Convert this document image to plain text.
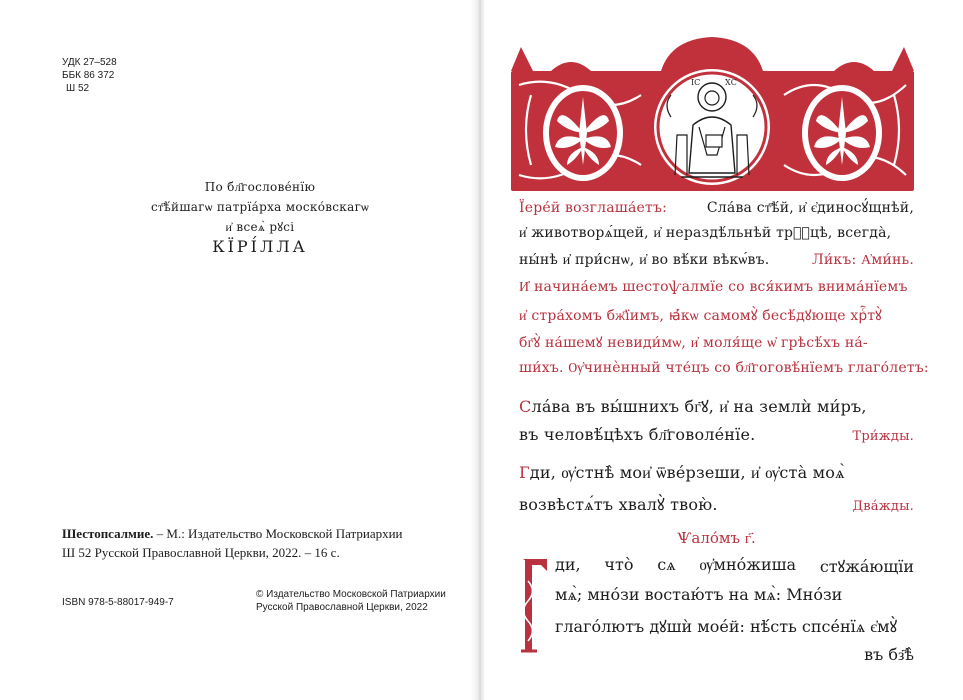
УДК 27–528
ББК 86 372
Ш 52
По бл҃гослове́нїю
ст҃ѣ́йшагѡ патрїа́рха моско́вскагѡ
и҆ всеѧ̀ рꙋсі
КЇРІ́ЛЛА
Шестопсалмие. – М.: Издательство Московской Патриархии
Ш 52 Русской Православной Церкви, 2022. – 16 с.
ISBN 978-5-88017-949-7
© Издательство Московской Патриархии
Русской Православной Церкви, 2022
ІС	ХС
Їере́й возглаша́етъ:	Сла́ва ст҃ѣ́й, и҆ є҆диносꙋ́щнѣй,
и҆ животворѧ́щей, и҆ нераздѣ́льнѣй трⷪ҇цѣ, всегда̀,
ны́нѣ и҆ при́снѡ, и҆ во вѣ́ки вѣкѡ́въ.	Ли́къ: А҆ми́нь.
И҆ начина́емъ шестоѱалмїе со вся́кимъ внима́нїемъ
и҆ стра́хомъ бж҃їимъ, ꙗ҆́кѡ самомꙋ̀ бесѣ́дꙋюще хрⷭ҇тꙋ̀
бг҃ꙋ̀ на́шемꙋ невиди́мѡ, и҆ моля́ще ѡ҆ грѣсѣ́хъ на́-
ши́хъ. Ѹ҆чинѐнный чте́цъ со бл҃гоговѣ́нїемъ глаго́летъ:
Сла́ва въ вы́шнихъ бг҃ꙋ, и҆ на землѝ ми́ръ,
въ человѣ́цѣхъ бл҃говоле́нїе.	Три́жды.
Гди, ѹ҆стнѣ̀ мои҆ ѿве́рзеши, и҆ ѹ҆ста̀ моѧ̀
возвѣстѧ́тъ хвалꙋ̀ твою̀.	Два́жды.
Ѱало́мъ г҃.
Г
ди, что̀ сѧ ѹ҆мно́жиша стꙋжа́ющїи
мѧ̀; мно́зи востаю́тъ на мѧ̀: Мно́зи
глаго́лютъ дꙋшѝ мое́й: нѣ́сть спсе́нїѧ є҆мꙋ̀
въ бз҃ѣ̀
